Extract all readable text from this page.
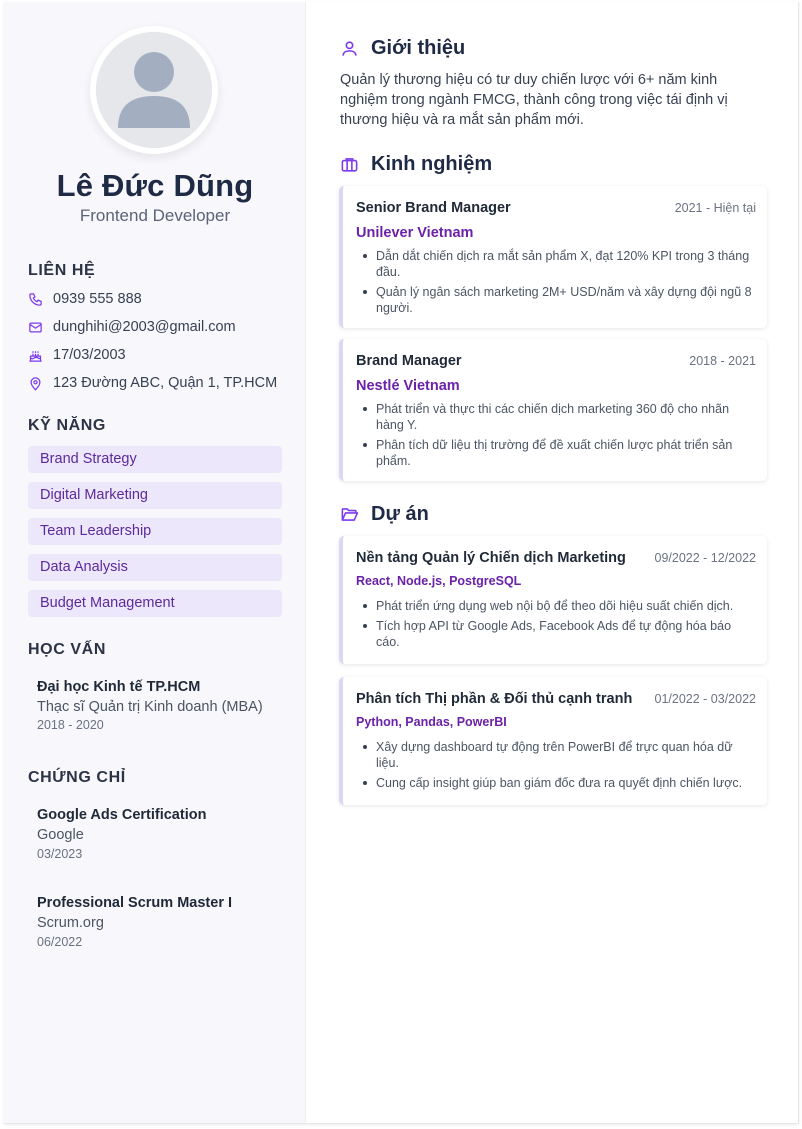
Lê Đức Dũng
Frontend Developer
LIÊN HỆ
0939 555 888
dunghihi@2003@gmail.com
17/03/2003
123 Đường ABC, Quận 1, TP.HCM
KỸ NĂNG
Brand Strategy
Digital Marketing
Team Leadership
Data Analysis
Budget Management
HỌC VẤN
Đại học Kinh tế TP.HCM
Thạc sĩ Quản trị Kinh doanh (MBA)
2018 - 2020
CHỨNG CHỈ
Google Ads Certification
Google
03/2023
Professional Scrum Master I
Scrum.org
06/2022
Giới thiệu
Quản lý thương hiệu có tư duy chiến lược với 6+ năm kinh nghiệm trong ngành FMCG, thành công trong việc tái định vị thương hiệu và ra mắt sản phẩm mới.
Kinh nghiệm
Senior Brand Manager	2021 - Hiện tại
Unilever Vietnam
Dẫn dắt chiến dịch ra mắt sản phẩm X, đạt 120% KPI trong 3 tháng đầu.
Quản lý ngân sách marketing 2M+ USD/năm và xây dựng đội ngũ 8 người.
Brand Manager	2018 - 2021
Nestlé Vietnam
Phát triển và thực thi các chiến dịch marketing 360 độ cho nhãn hàng Y.
Phân tích dữ liệu thị trường để đề xuất chiến lược phát triển sản phẩm.
Dự án
Nền tảng Quản lý Chiến dịch Marketing 09/2022 - 12/2022
React, Node.js, PostgreSQL
Phát triển ứng dụng web nội bộ để theo dõi hiệu suất chiến dịch.
Tích hợp API từ Google Ads, Facebook Ads để tự động hóa báo cáo.
Phân tích Thị phần & Đối thủ cạnh tranh 01/2022 - 03/2022
Python, Pandas, PowerBI
Xây dựng dashboard tự động trên PowerBI để trực quan hóa dữ liệu.
Cung cấp insight giúp ban giám đốc đưa ra quyết định chiến lược.
